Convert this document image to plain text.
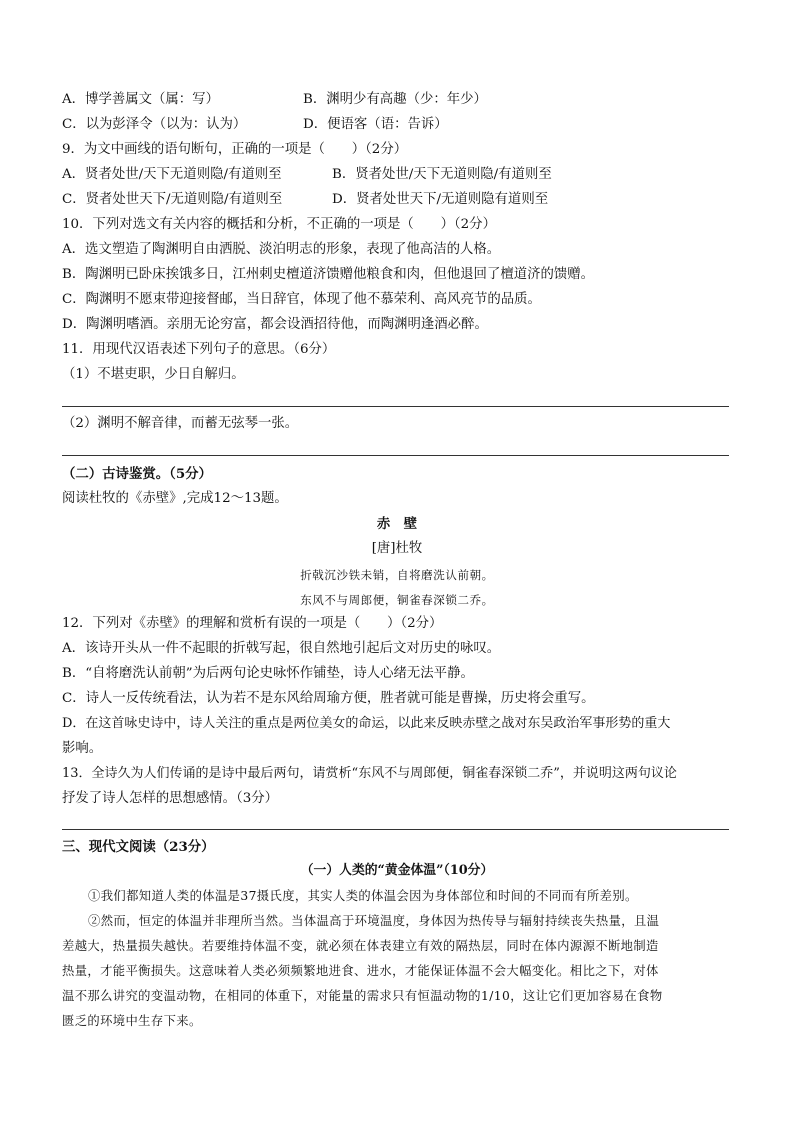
A．博学善属文（属：写）	B．渊明少有高趣（少：年少）
C．以为彭泽令（以为：认为）	D．便语客（语：告诉）
9．为文中画线的语句断句，正确的一项是（　　）（2分）
A．贤者处世/天下无道则隐/有道则至	B．贤者处世/天下无道则隐/有道则至
C．贤者处世天下/无道则隐/有道则至	D．贤者处世天下/无道则隐有道则至
10．下列对选文有关内容的概括和分析，不正确的一项是（　　）（2分）
A．选文塑造了陶渊明自由洒脱、淡泊明志的形象，表现了他高洁的人格。
B．陶渊明已卧床挨饿多日，江州刺史檀道济馈赠他粮食和肉，但他退回了檀道济的馈赠。
C．陶渊明不愿束带迎接督邮，当日辞官，体现了他不慕荣利、高风亮节的品质。
D．陶渊明嗜酒。亲朋无论穷富，都会设酒招待他，而陶渊明逢酒必醉。
11．用现代汉语表述下列句子的意思。（6分）
（1）不堪吏职，少日自解归。
（2）渊明不解音律，而蓄无弦琴一张。
（二）古诗鉴赏。（5分）
阅读杜牧的《赤壁》,完成12～13题。
赤　壁
[唐]杜牧
折戟沉沙铁未销，自将磨洗认前朝。
东风不与周郎便，铜雀春深锁二乔。
12．下列对《赤壁》的理解和赏析有误的一项是（　　）（2分）
A．该诗开头从一件不起眼的折戟写起，很自然地引起后文对历史的咏叹。
B．“自将磨洗认前朝”为后两句论史咏怀作铺垫，诗人心绪无法平静。
C．诗人一反传统看法，认为若不是东风给周瑜方便，胜者就可能是曹操，历史将会重写。
D．在这首咏史诗中，诗人关注的重点是两位美女的命运，以此来反映赤壁之战对东吴政治军事形势的重大
影响。
13．全诗久为人们传诵的是诗中最后两句，请赏析“东风不与周郎便，铜雀春深锁二乔”，并说明这两句议论
抒发了诗人怎样的思想感情。（3分）
三、现代文阅读（23分）
（一）人类的“黄金体温”（10分）
①我们都知道人类的体温是37摄氏度，其实人类的体温会因为身体部位和时间的不同而有所差别。
②然而，恒定的体温并非理所当然。当体温高于环境温度，身体因为热传导与辐射持续丧失热量，且温
差越大，热量损失越快。若要维持体温不变，就必须在体表建立有效的隔热层，同时在体内源源不断地制造
热量，才能平衡损失。这意味着人类必须频繁地进食、进水，才能保证体温不会大幅变化。相比之下，对体
温不那么讲究的变温动物，在相同的体重下，对能量的需求只有恒温动物的1/10，这让它们更加容易在食物
匮乏的环境中生存下来。
